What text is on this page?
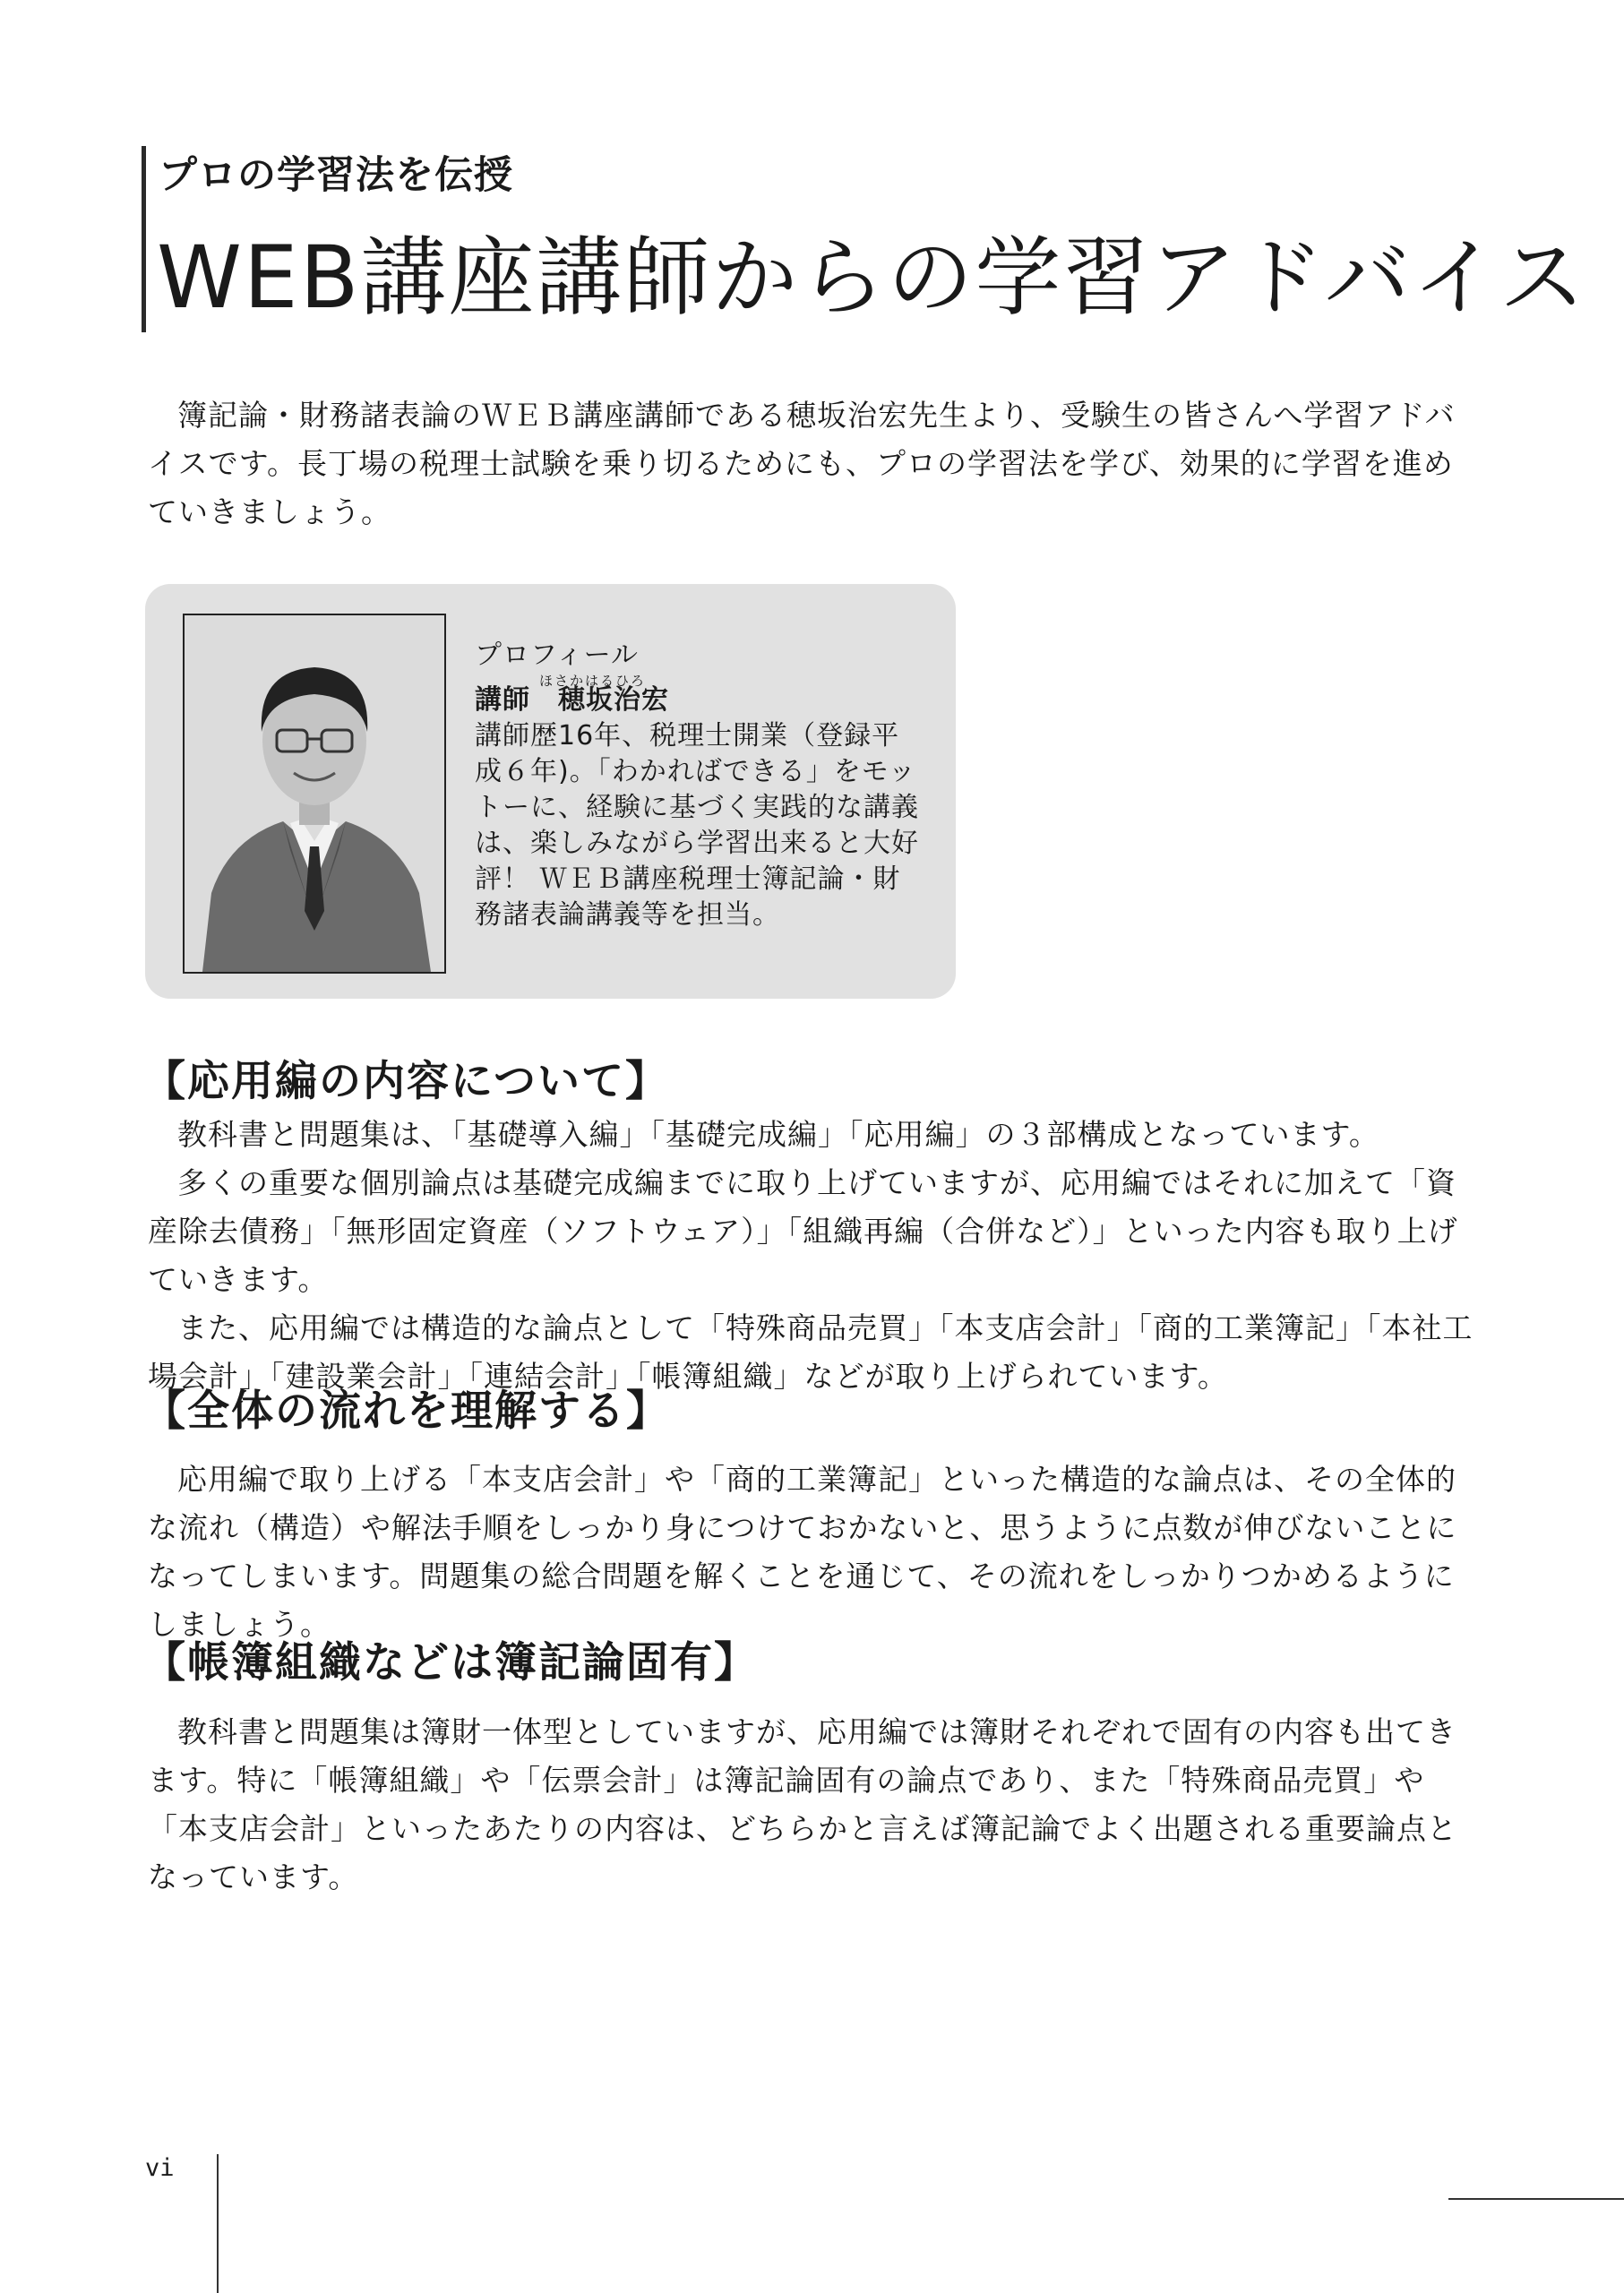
プロの学習法を伝授
WEB講座講師からの学習アドバイス
簿記論・財務諸表論のＷＥＢ講座講師である穂坂治宏先生より、受験生の皆さんへ学習アドバイスです。長丁場の税理士試験を乗り切るためにも、プロの学習法を学び、効果的に学習を進めていきましょう。
プロフィール
ほさかはるひろ
講師　穂坂治宏
講師歴16年、税理士開業（登録平成６年)。「わかればできる」をモットーに、経験に基づく実践的な講義は、楽しみながら学習出来ると大好評！ ＷＥＢ講座税理士簿記論・財務諸表論講義等を担当。
【応用編の内容について】

教科書と問題集は、「基礎導入編」「基礎完成編」「応用編」の３部構成となっています。

多くの重要な個別論点は基礎完成編までに取り上げていますが、応用編ではそれに加えて「資産除去債務」「無形固定資産（ソフトウェア）」「組織再編（合併など）」といった内容も取り上げていきます。

また、応用編では構造的な論点として「特殊商品売買」「本支店会計」「商的工業簿記」「本社工場会計」「建設業会計」「連結会計」「帳簿組織」などが取り上げられています。

【全体の流れを理解する】

応用編で取り上げる「本支店会計」や「商的工業簿記」といった構造的な論点は、その全体的な流れ（構造）や解法手順をしっかり身につけておかないと、思うように点数が伸びないことになってしまいます。問題集の総合問題を解くことを通じて、その流れをしっかりつかめるようにしましょう。

【帳簿組織などは簿記論固有】

教科書と問題集は簿財一体型としていますが、応用編では簿財それぞれで固有の内容も出てきます。特に「帳簿組織」や「伝票会計」は簿記論固有の論点であり、また「特殊商品売買」や「本支店会計」といったあたりの内容は、どちらかと言えば簿記論でよく出題される重要論点となっています。

vi
